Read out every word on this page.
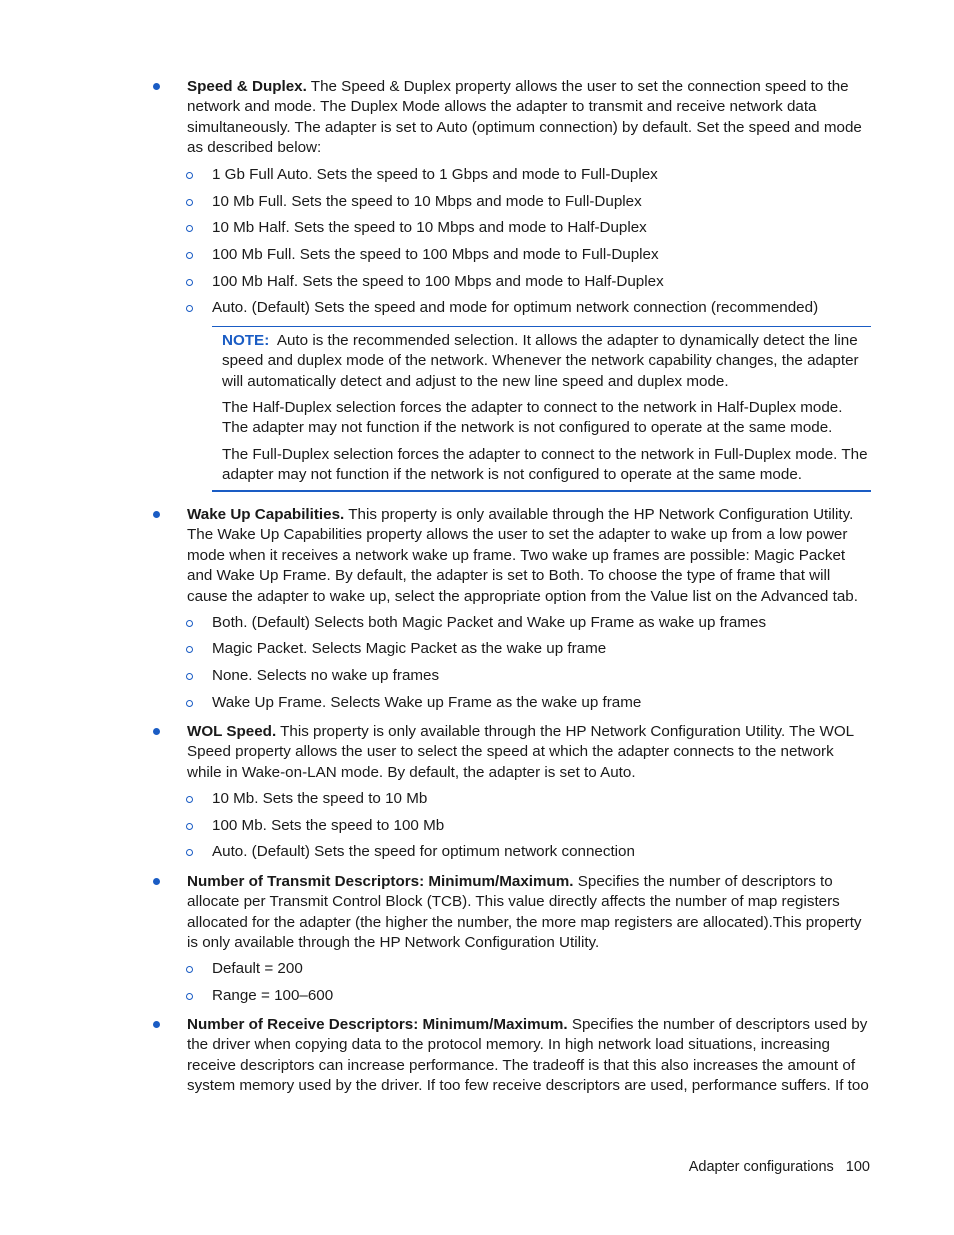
Speed & Duplex. The Speed & Duplex property allows the user to set the connection speed to the network and mode. The Duplex Mode allows the adapter to transmit and receive network data simultaneously. The adapter is set to Auto (optimum connection) by default. Set the speed and mode as described below:
1 Gb Full Auto. Sets the speed to 1 Gbps and mode to Full-Duplex
10 Mb Full. Sets the speed to 10 Mbps and mode to Full-Duplex
10 Mb Half. Sets the speed to 10 Mbps and mode to Half-Duplex
100 Mb Full. Sets the speed to 100 Mbps and mode to Full-Duplex
100 Mb Half. Sets the speed to 100 Mbps and mode to Half-Duplex
Auto. (Default) Sets the speed and mode for optimum network connection (recommended)

NOTE: Auto is the recommended selection. It allows the adapter to dynamically detect the line speed and duplex mode of the network. Whenever the network capability changes, the adapter will automatically detect and adjust to the new line speed and duplex mode.

The Half-Duplex selection forces the adapter to connect to the network in Half-Duplex mode. The adapter may not function if the network is not configured to operate at the same mode.

The Full-Duplex selection forces the adapter to connect to the network in Full-Duplex mode. The adapter may not function if the network is not configured to operate at the same mode.

Wake Up Capabilities. This property is only available through the HP Network Configuration Utility. The Wake Up Capabilities property allows the user to set the adapter to wake up from a low power mode when it receives a network wake up frame. Two wake up frames are possible: Magic Packet and Wake Up Frame. By default, the adapter is set to Both. To choose the type of frame that will cause the adapter to wake up, select the appropriate option from the Value list on the Advanced tab.
Both. (Default) Selects both Magic Packet and Wake up Frame as wake up frames
Magic Packet. Selects Magic Packet as the wake up frame
None. Selects no wake up frames
Wake Up Frame. Selects Wake up Frame as the wake up frame
WOL Speed. This property is only available through the HP Network Configuration Utility. The WOL Speed property allows the user to select the speed at which the adapter connects to the network while in Wake-on-LAN mode. By default, the adapter is set to Auto.
10 Mb. Sets the speed to 10 Mb
100 Mb. Sets the speed to 100 Mb
Auto. (Default) Sets the speed for optimum network connection
Number of Transmit Descriptors: Minimum/Maximum. Specifies the number of descriptors to allocate per Transmit Control Block (TCB). This value directly affects the number of map registers allocated for the adapter (the higher the number, the more map registers are allocated).This property is only available through the HP Network Configuration Utility.
Default = 200
Range = 100–600
Number of Receive Descriptors: Minimum/Maximum. Specifies the number of descriptors used by the driver when copying data to the protocol memory. In high network load situations, increasing receive descriptors can increase performance. The tradeoff is that this also increases the amount of system memory used by the driver. If too few receive descriptors are used, performance suffers. If too
Adapter configurations 100
